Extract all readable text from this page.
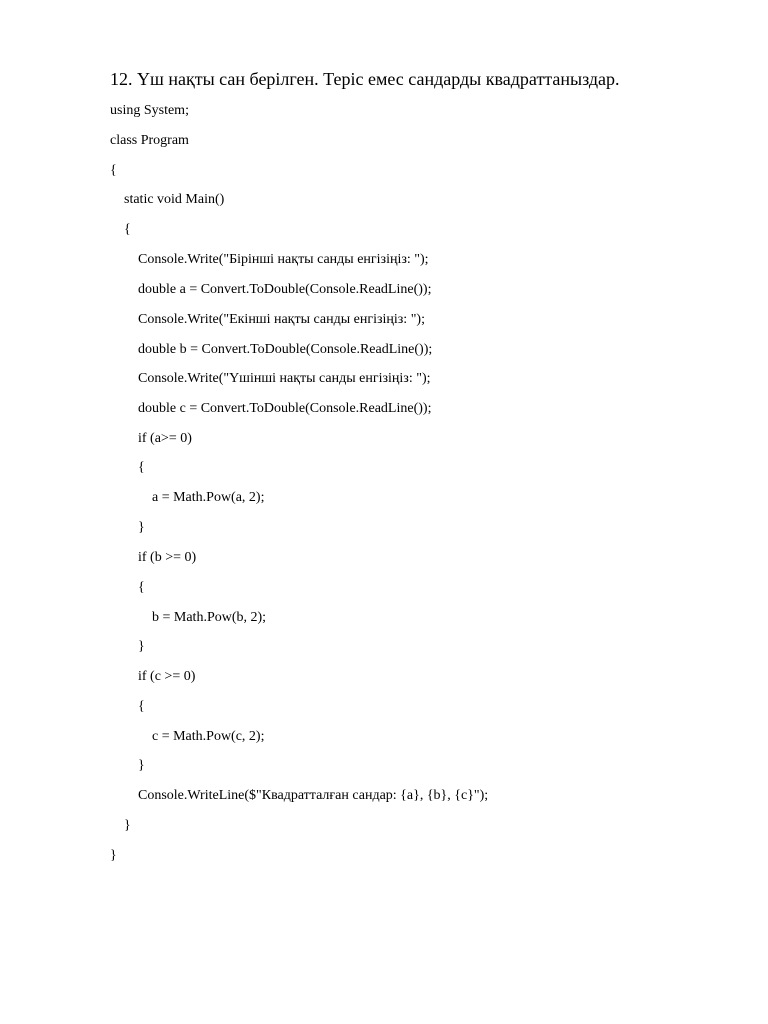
12. Үш нақты сан берілген. Теріс емес сандарды квадраттаныздар.
using System;
class Program
{
static void Main()
{
Console.Write("Бірінші нақты санды енгізіңіз: ");
double a = Convert.ToDouble(Console.ReadLine());
Console.Write("Екінші нақты санды енгізіңіз: ");
double b = Convert.ToDouble(Console.ReadLine());
Console.Write("Үшінші нақты санды енгізіңіз: ");
double c = Convert.ToDouble(Console.ReadLine());
if (a>= 0)
{
a = Math.Pow(a, 2);
}
if (b >= 0)
{
b = Math.Pow(b, 2);
}
if (c >= 0)
{
c = Math.Pow(c, 2);
}
Console.WriteLine($"Квадратталған сандар: {a}, {b}, {c}");
}
}
